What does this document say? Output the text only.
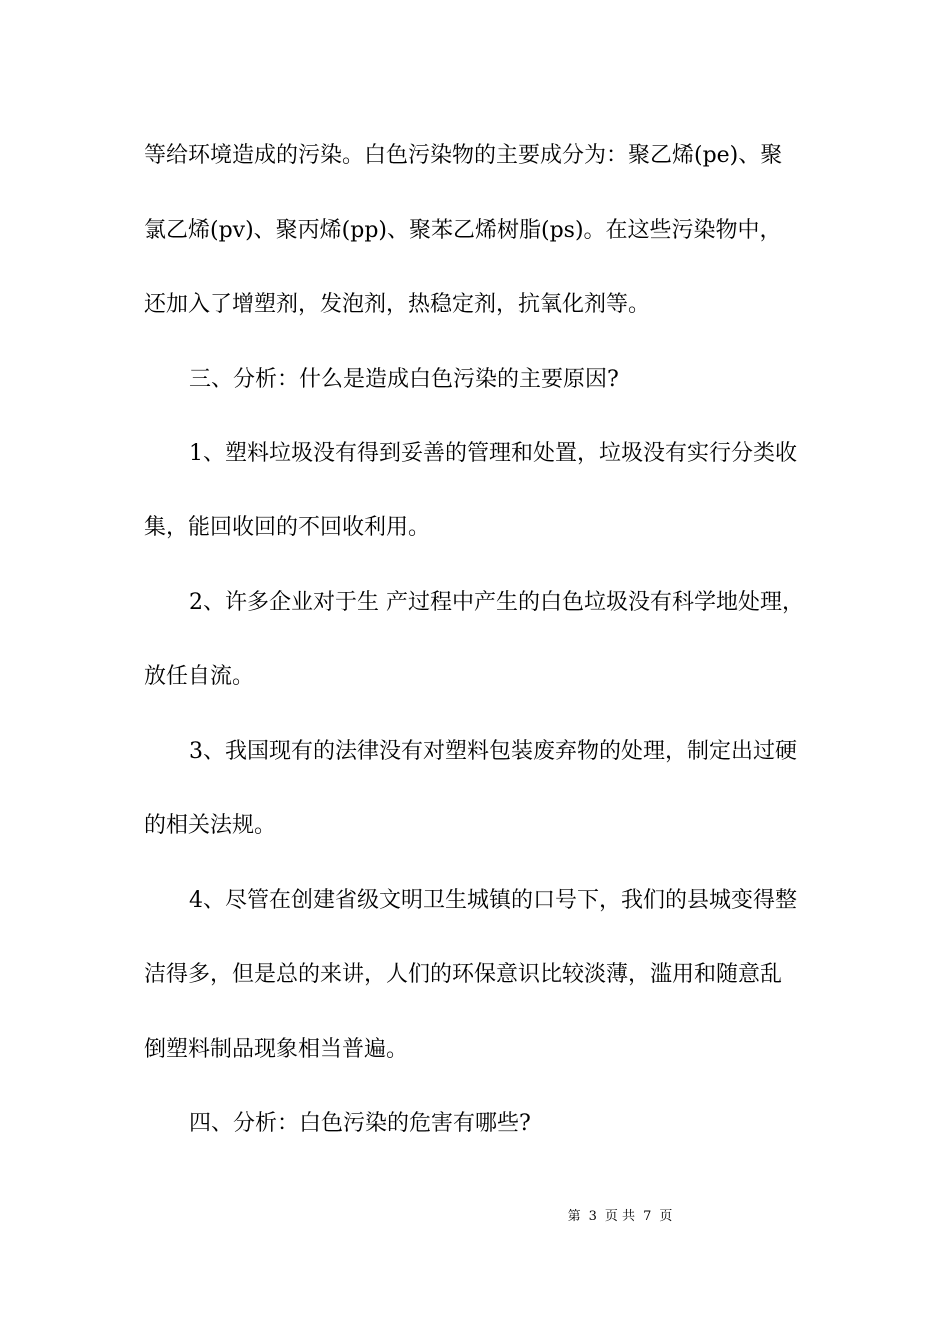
等给环境造成的污染。白色污染物的主要成分为：聚乙烯(pe)、聚
氯乙烯(pv)、聚丙烯(pp)、聚苯乙烯树脂(ps)。在这些污染物中，
还加入了增塑剂，发泡剂，热稳定剂，抗氧化剂等。
三、分析：什么是造成白色污染的主要原因?
1、塑料垃圾没有得到妥善的管理和处置，垃圾没有实行分类收
集，能回收回的不回收利用。
2、许多企业对于生 产过程中产生的白色垃圾没有科学地处理，
放任自流。
3、我国现有的法律没有对塑料包装废弃物的处理，制定出过硬
的相关法规。
4、尽管在创建省级文明卫生城镇的口号下，我们的县城变得整
洁得多，但是总的来讲，人们的环保意识比较淡薄，滥用和随意乱
倒塑料制品现象相当普遍。
四、分析：白色污染的危害有哪些?
第 3 页 共 7 页
